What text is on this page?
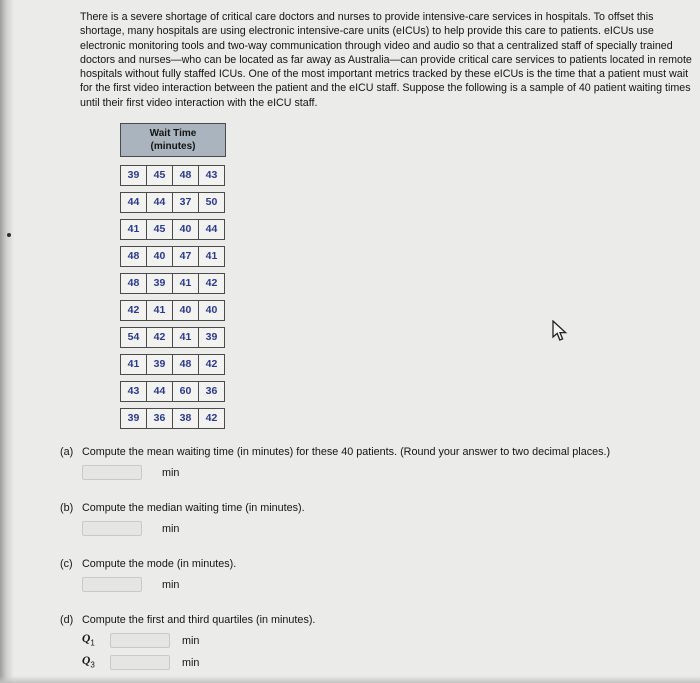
There is a severe shortage of critical care doctors and nurses to provide intensive-care services in hospitals. To offset this shortage, many hospitals are using electronic intensive-care units (eICUs) to help provide this care to patients. eICUs use electronic monitoring tools and two-way communication through video and audio so that a centralized staff of specially trained doctors and nurses—who can be located as far away as Australia—can provide critical care services to patients located in remote hospitals without fully staffed ICUs. One of the most important metrics tracked by these eICUs is the time that a patient must wait for the first video interaction between the patient and the eICU staff. Suppose the following is a sample of 40 patient waiting times until their first video interaction with the eICU staff.

Wait Time
(minutes)
39	45	48	43
44	44	37	50
41	45	40	44
48	40	47	41
48	39	41	42
42	41	40	40
54	42	41	39
41	39	48	42
43	44	60	36
39	36	38	42
(a) Compute the mean waiting time (in minutes) for these 40 patients. (Round your answer to two decimal places.)
min
(b) Compute the median waiting time (in minutes).
min
(c) Compute the mode (in minutes).
min
(d) Compute the first and third quartiles (in minutes).
$Q_1$	min
$Q_3$	min
